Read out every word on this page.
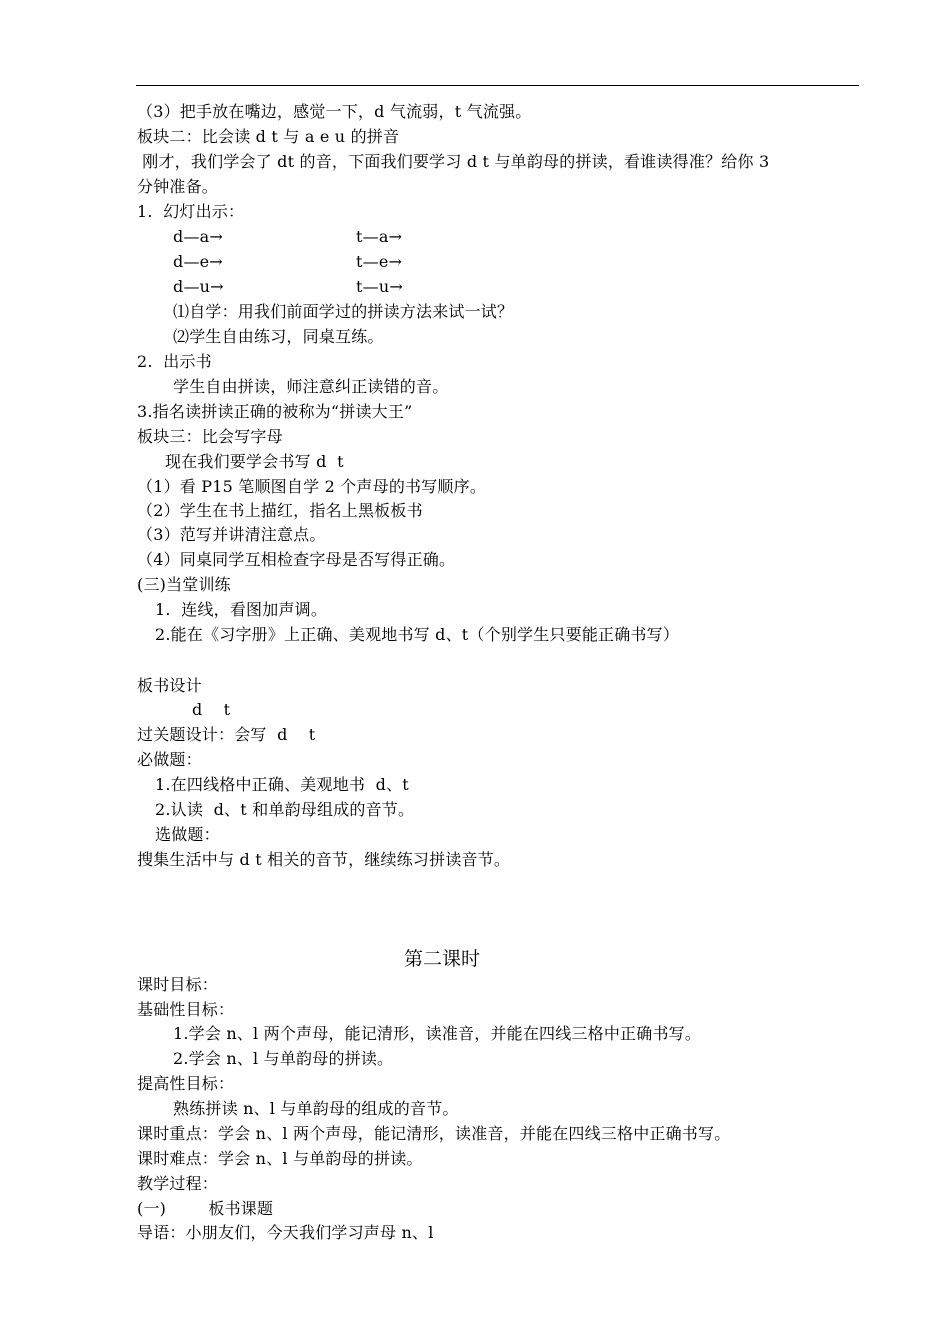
（3）把手放在嘴边，感觉一下，d 气流弱，t 气流强。
板块二：比会读 d t 与 a e u 的拼音
刚才，我们学会了 dt 的音，下面我们要学习 d t 与单韵母的拼读，看谁读得准？给你 3
分钟准备。
1.  幻灯出示：
d—a→	t—a→
d—e→	t—e→
d—u→	t—u→
⑴自学：用我们前面学过的拼读方法来试一试？
⑵学生自由练习，同桌互练。
2.  出示书
学生自由拼读，师注意纠正读错的音。
3.指名读拼读正确的被称为“拼读大王”
板块三：比会写字母
现在我们要学会书写 d  t
（1）看 P15 笔顺图自学 2 个声母的书写顺序。
（2）学生在书上描红，指名上黑板板书
（3）范写并讲清注意点。
（4）同桌同学互相检查字母是否写得正确。
(三)当堂训练
1.  连线，看图加声调。
2.能在《习字册》上正确、美观地书写 d、t（个别学生只要能正确书写）
板书设计
d    t
过关题设计：会写  d    t
必做题：
1.在四线格中正确、美观地书  d、t
2.认读  d、t 和单韵母组成的音节。
选做题：
搜集生活中与 d t 相关的音节，继续练习拼读音节。
第二课时
课时目标：
基础性目标：
1.学会 n、l 两个声母，能记清形，读准音，并能在四线三格中正确书写。
2.学会 n、l 与单韵母的拼读。
提高性目标：
熟练拼读 n、l 与单韵母的组成的音节。
课时重点：学会 n、l 两个声母，能记清形，读准音，并能在四线三格中正确书写。
课时难点：学会 n、l 与单韵母的拼读。
教学过程：
(一)        板书课题
导语：小朋友们，今天我们学习声母 n、l
